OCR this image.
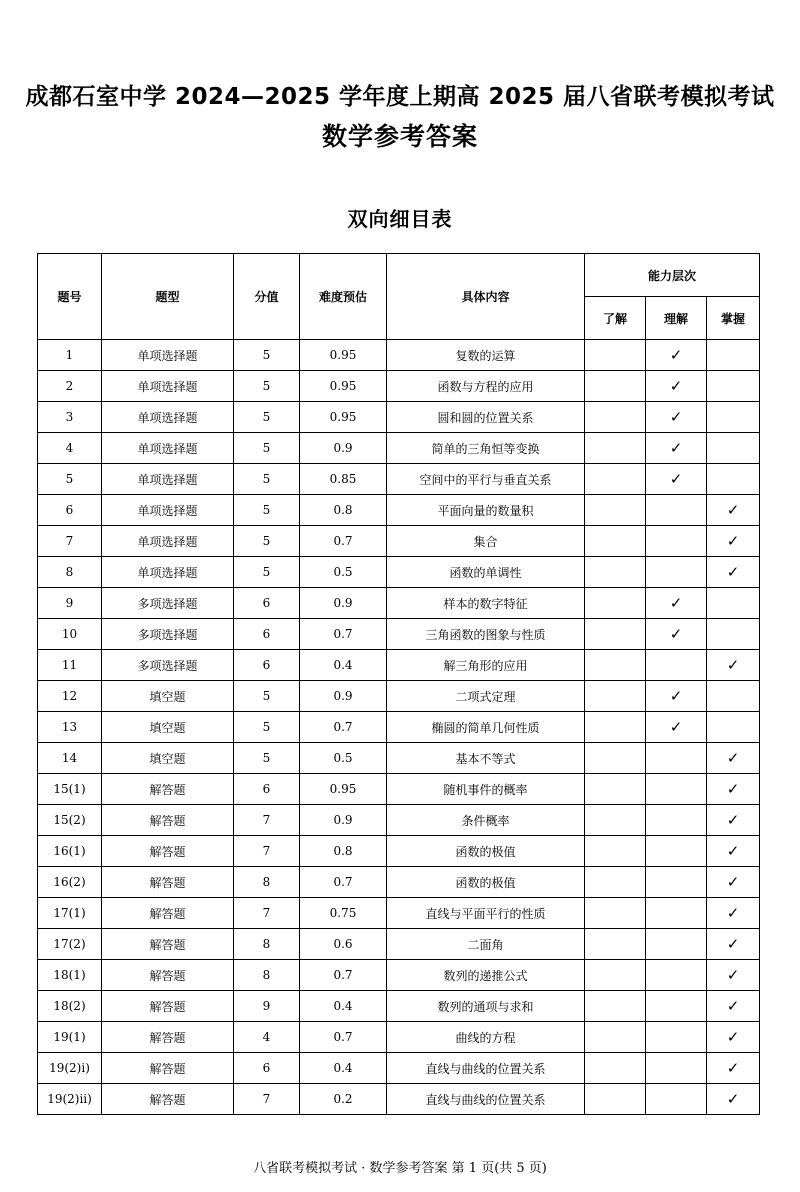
成都石室中学 2024—2025 学年度上期高 2025 届八省联考模拟考试
数学参考答案
双向细目表
题号	题型	分值	难度预估	具体内容	能力层次		
					了解	理解	掌握
1	单项选择题	5	0.95	复数的运算		✓	
2	单项选择题	5	0.95	函数与方程的应用		✓	
3	单项选择题	5	0.95	圆和圆的位置关系		✓	
4	单项选择题	5	0.9	简单的三角恒等变换		✓	
5	单项选择题	5	0.85	空间中的平行与垂直关系		✓	
6	单项选择题	5	0.8	平面向量的数量积			✓
7	单项选择题	5	0.7	集合			✓
8	单项选择题	5	0.5	函数的单调性			✓
9	多项选择题	6	0.9	样本的数字特征		✓	
10	多项选择题	6	0.7	三角函数的图象与性质		✓	
11	多项选择题	6	0.4	解三角形的应用			✓
12	填空题	5	0.9	二项式定理		✓	
13	填空题	5	0.7	椭圆的简单几何性质		✓	
14	填空题	5	0.5	基本不等式			✓
15(1)	解答题	6	0.95	随机事件的概率			✓
15(2)	解答题	7	0.9	条件概率			✓
16(1)	解答题	7	0.8	函数的极值			✓
16(2)	解答题	8	0.7	函数的极值			✓
17(1)	解答题	7	0.75	直线与平面平行的性质			✓
17(2)	解答题	8	0.6	二面角			✓
18(1)	解答题	8	0.7	数列的递推公式			✓
18(2)	解答题	9	0.4	数列的通项与求和			✓
19(1)	解答题	4	0.7	曲线的方程			✓
19(2)i)	解答题	6	0.4	直线与曲线的位置关系			✓
19(2)ii)	解答题	7	0.2	直线与曲线的位置关系			✓
八省联考模拟考试 · 数学参考答案 第 1 页(共 5 页)
